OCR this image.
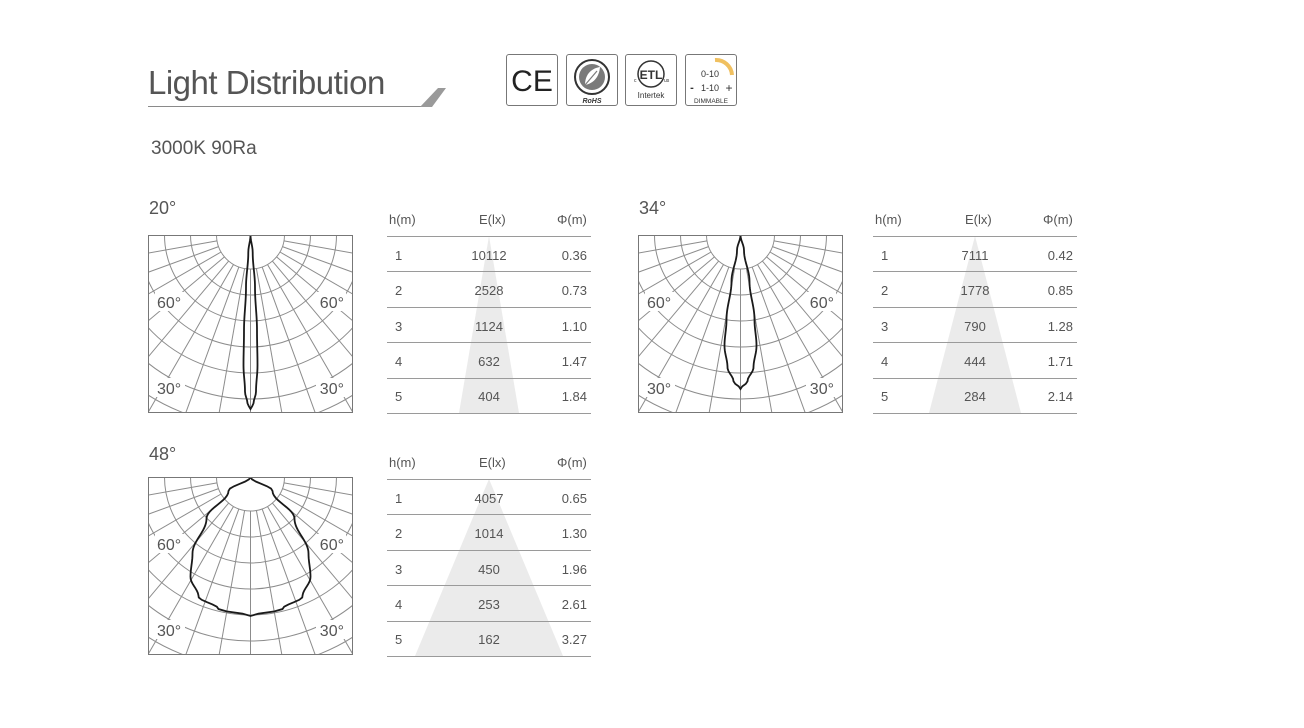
Light Distribution	CE
RoHS
ETL
c	us
Intertek
0-10
- 1-10 +
DIMMABLE
3000K 90Ra
20°
60°	60°
30°	30°
h(m)	E(lx)	Φ(m)
1	10112	0.36
2	2528	0.73
3	1124	1.10
4	632	1.47
5	404	1.84
34°
60°	60°
30°	30°
h(m)	E(lx)	Φ(m)
1	7111	0.42
2	1778	0.85
3	790	1.28
4	444	1.71
5	284	2.14
48°
60°	60°
30°	30°
h(m)	E(lx)	Φ(m)
1	4057	0.65
2	1014	1.30
3	450	1.96
4	253	2.61
5	162	3.27
